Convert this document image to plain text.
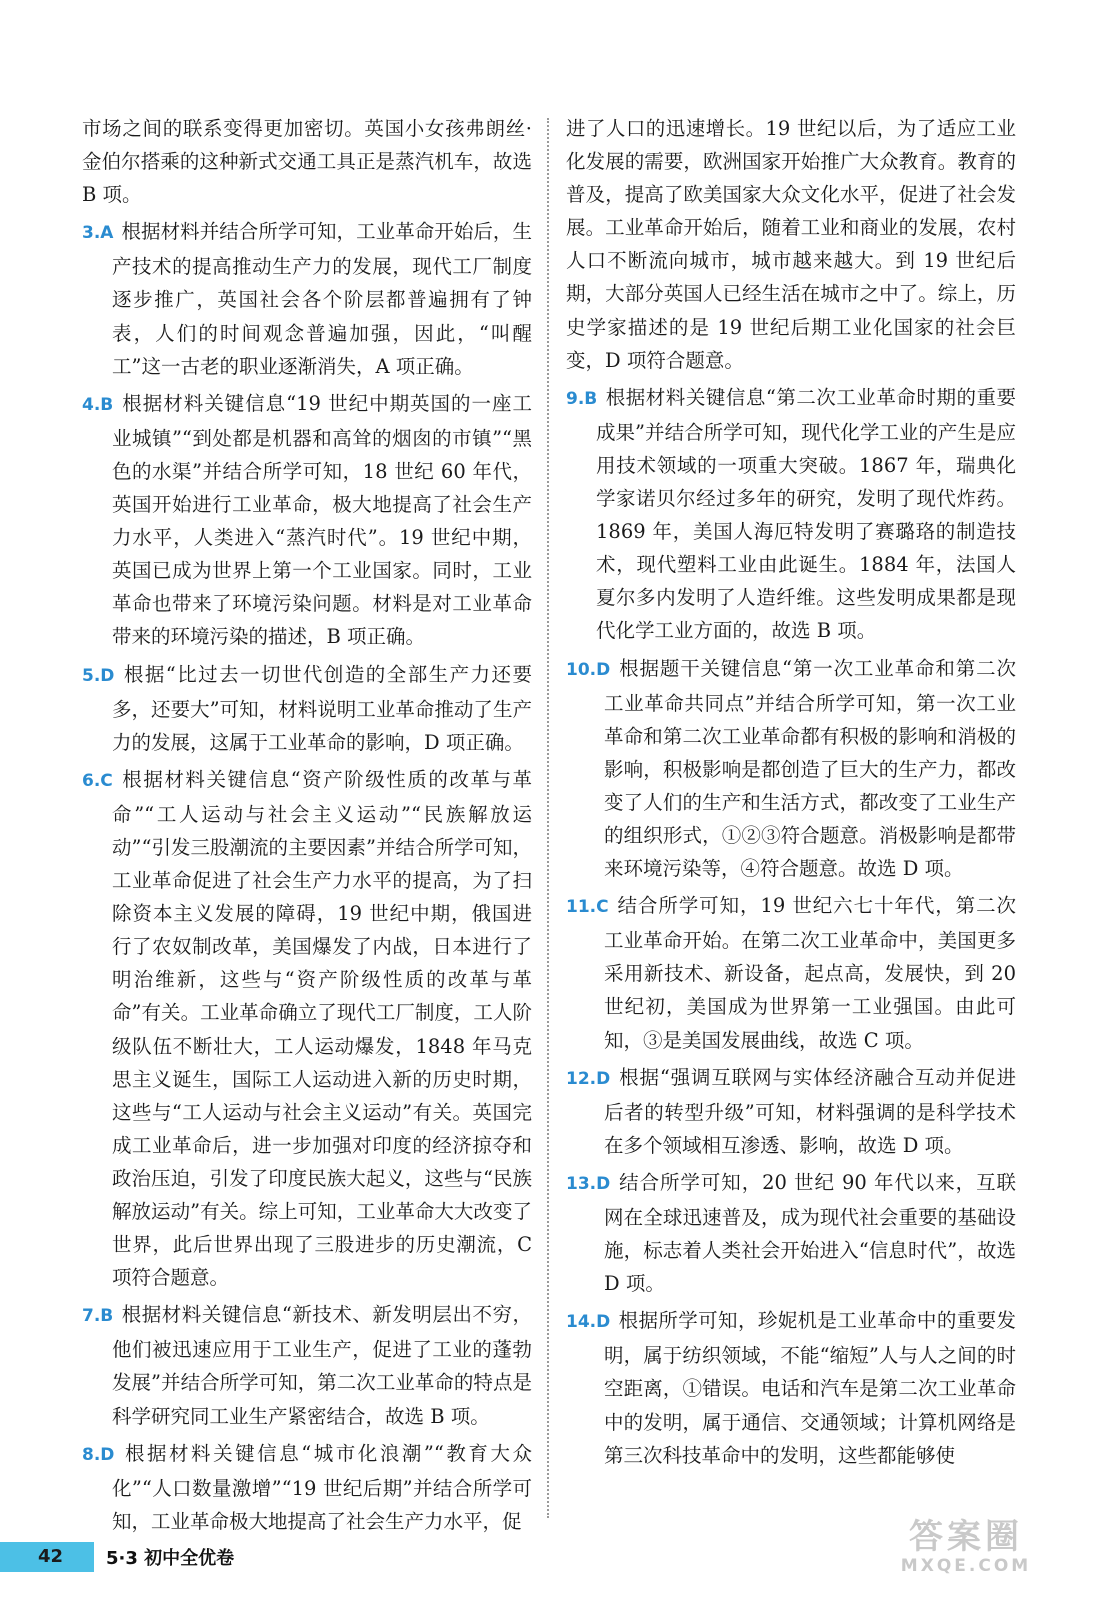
市场之间的联系变得更加密切。英国小女孩弗朗丝·金伯尔搭乘的这种新式交通工具正是蒸汽机车，故选 B 项。

3.A 根据材料并结合所学可知，工业革命开始后，生产技术的提高推动生产力的发展，现代工厂制度逐步推广，英国社会各个阶层都普遍拥有了钟表，人们的时间观念普遍加强，因此，“叫醒工”这一古老的职业逐渐消失，A 项正确。

4.B 根据材料关键信息“19 世纪中期英国的一座工业城镇”“到处都是机器和高耸的烟囱的市镇”“黑色的水渠”并结合所学可知，18 世纪 60 年代，英国开始进行工业革命，极大地提高了社会生产力水平，人类进入“蒸汽时代”。19 世纪中期，英国已成为世界上第一个工业国家。同时，工业革命也带来了环境污染问题。材料是对工业革命带来的环境污染的描述，B 项正确。

5.D 根据“比过去一切世代创造的全部生产力还要多，还要大”可知，材料说明工业革命推动了生产力的发展，这属于工业革命的影响，D 项正确。

6.C 根据材料关键信息“资产阶级性质的改革与革命”“工人运动与社会主义运动”“民族解放运动”“引发三股潮流的主要因素”并结合所学可知，工业革命促进了社会生产力水平的提高，为了扫除资本主义发展的障碍，19 世纪中期，俄国进行了农奴制改革，美国爆发了内战，日本进行了明治维新，这些与“资产阶级性质的改革与革命”有关。工业革命确立了现代工厂制度，工人阶级队伍不断壮大，工人运动爆发，1848 年马克思主义诞生，国际工人运动进入新的历史时期，这些与“工人运动与社会主义运动”有关。英国完成工业革命后，进一步加强对印度的经济掠夺和政治压迫，引发了印度民族大起义，这些与“民族解放运动”有关。综上可知，工业革命大大改变了世界，此后世界出现了三股进步的历史潮流，C 项符合题意。

7.B 根据材料关键信息“新技术、新发明层出不穷，他们被迅速应用于工业生产，促进了工业的蓬勃发展”并结合所学可知，第二次工业革命的特点是科学研究同工业生产紧密结合，故选 B 项。

8.D 根据材料关键信息“城市化浪潮”“教育大众化”“人口数量激增”“19 世纪后期”并结合所学可知，工业革命极大地提高了社会生产力水平，促

进了人口的迅速增长。19 世纪以后，为了适应工业化发展的需要，欧洲国家开始推广大众教育。教育的普及，提高了欧美国家大众文化水平，促进了社会发展。工业革命开始后，随着工业和商业的发展，农村人口不断流向城市，城市越来越大。到 19 世纪后期，大部分英国人已经生活在城市之中了。综上，历史学家描述的是 19 世纪后期工业化国家的社会巨变，D 项符合题意。

9.B 根据材料关键信息“第二次工业革命时期的重要成果”并结合所学可知，现代化学工业的产生是应用技术领域的一项重大突破。1867 年，瑞典化学家诺贝尔经过多年的研究，发明了现代炸药。1869 年，美国人海厄特发明了赛璐珞的制造技术，现代塑料工业由此诞生。1884 年，法国人夏尔多内发明了人造纤维。这些发明成果都是现代化学工业方面的，故选 B 项。

10.D 根据题干关键信息“第一次工业革命和第二次工业革命共同点”并结合所学可知，第一次工业革命和第二次工业革命都有积极的影响和消极的影响，积极影响是都创造了巨大的生产力，都改变了人们的生产和生活方式，都改变了工业生产的组织形式，①②③符合题意。消极影响是都带来环境污染等，④符合题意。故选 D 项。

11.C 结合所学可知，19 世纪六七十年代，第二次工业革命开始。在第二次工业革命中，美国更多采用新技术、新设备，起点高，发展快，到 20 世纪初，美国成为世界第一工业强国。由此可知，③是美国发展曲线，故选 C 项。

12.D 根据“强调互联网与实体经济融合互动并促进后者的转型升级”可知，材料强调的是科学技术在多个领域相互渗透、影响，故选 D 项。

13.D 结合所学可知，20 世纪 90 年代以来，互联网在全球迅速普及，成为现代社会重要的基础设施，标志着人类社会开始进入“信息时代”，故选 D 项。

14.D 根据所学可知，珍妮机是工业革命中的重要发明，属于纺织领域，不能“缩短”人与人之间的时空距离，①错误。电话和汽车是第二次工业革命中的发明，属于通信、交通领域；计算机网络是第三次科技革命中的发明，这些都能够使

42	5·3 初中全优卷
答案圈
MXQE.COM
